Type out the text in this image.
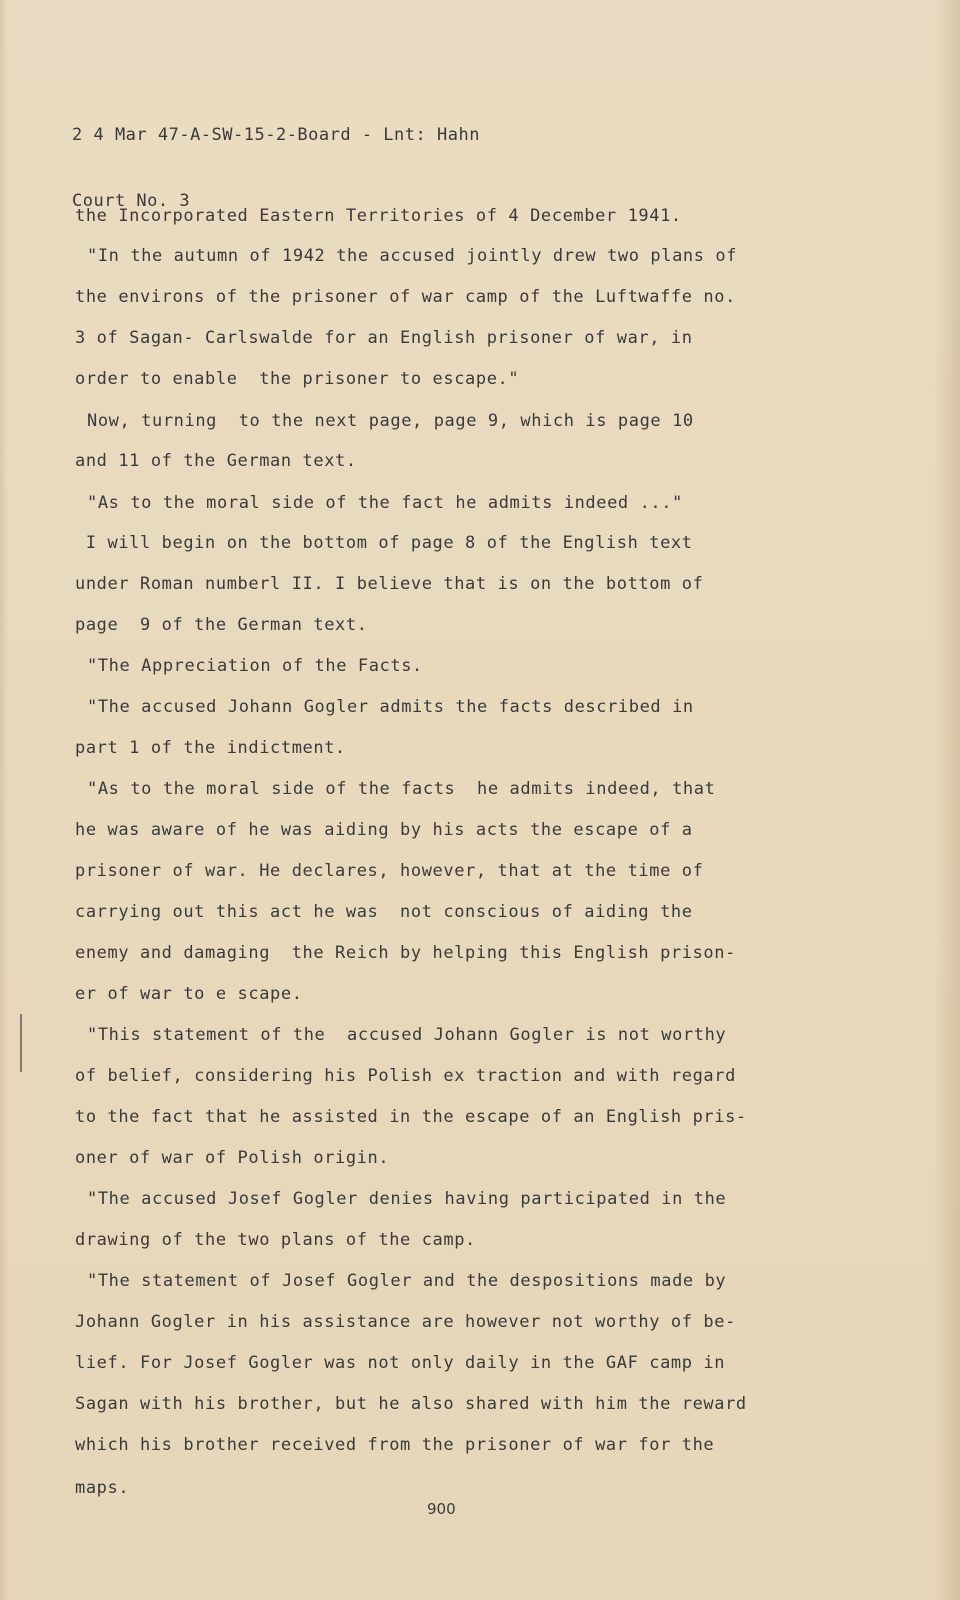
2 4 Mar 47-A-SW-15-2-Board - Lnt: Hahn

Court No. 3

the Incorporated Eastern Territories of 4 December 1941.
"In the autumn of 1942 the accused jointly drew two plans of
the environs of the prisoner of war camp of the Luftwaffe no.
3 of Sagan- Carlswalde for an English prisoner of war, in
order to enable  the prisoner to escape."
Now, turning  to the next page, page 9, which is page 10
and 11 of the German text.
"As to the moral side of the fact he admits indeed ..."
I will begin on the bottom of page 8 of the English text
under Roman numberl II. I believe that is on the bottom of
page  9 of the German text.
"The Appreciation of the Facts.
"The accused Johann Gogler admits the facts described in
part 1 of the indictment.
"As to the moral side of the facts  he admits indeed, that
he was aware of he was aiding by his acts the escape of a
prisoner of war. He declares, however, that at the time of
carrying out this act he was  not conscious of aiding the
enemy and damaging  the Reich by helping this English prison-
er of war to e scape.
"This statement of the  accused Johann Gogler is not worthy
of belief, considering his Polish ex traction and with regard
to the fact that he assisted in the escape of an English pris-
oner of war of Polish origin.
"The accused Josef Gogler denies having participated in the
drawing of the two plans of the camp.
"The statement of Josef Gogler and the despositions made by
Johann Gogler in his assistance are however not worthy of be-
lief. For Josef Gogler was not only daily in the GAF camp in
Sagan with his brother, but he also shared with him the reward
which his brother received from the prisoner of war for the
maps.
900
